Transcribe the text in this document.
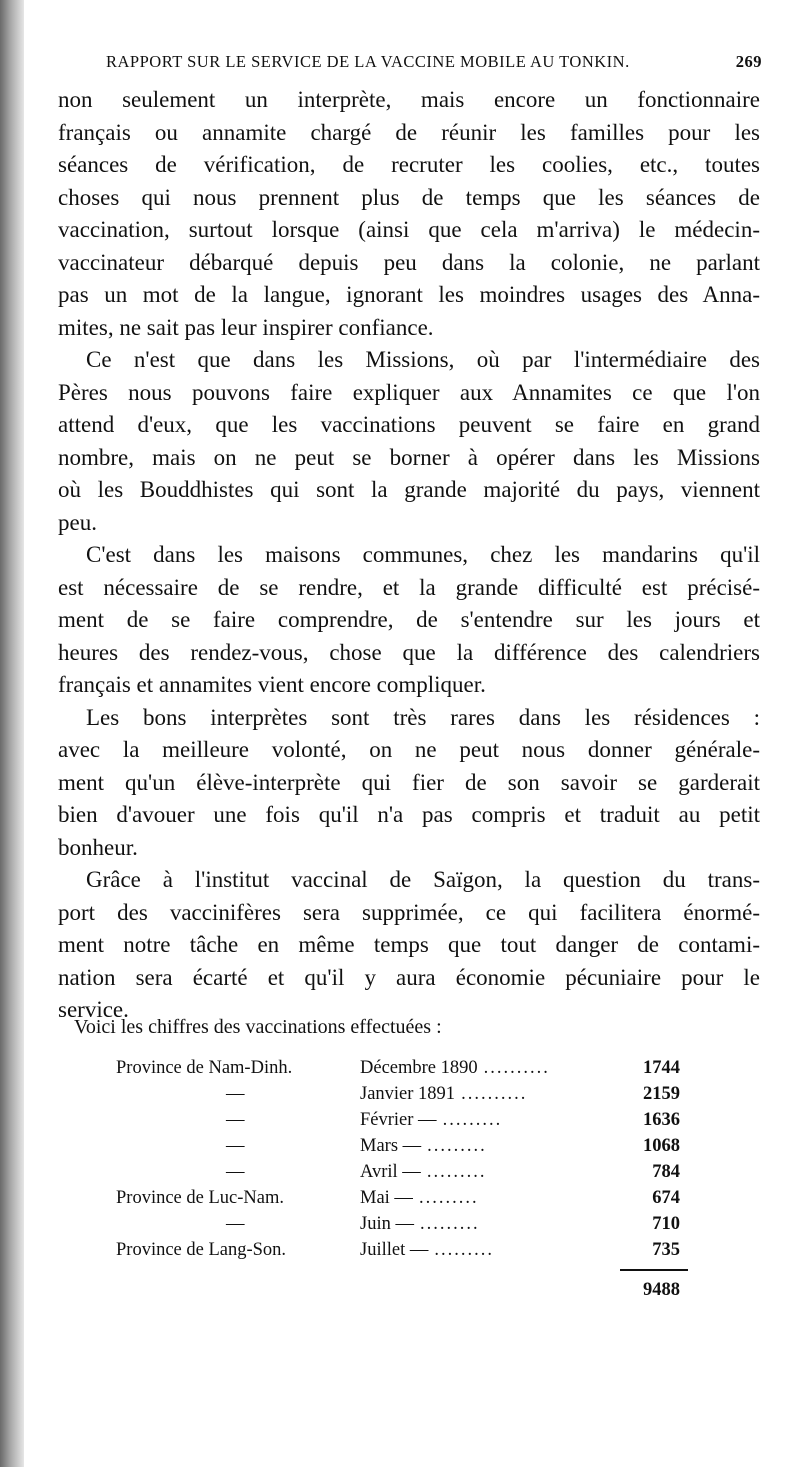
RAPPORT SUR LE SERVICE DE LA VACCINE MOBILE AU TONKIN.	269
non seulement un interprète, mais encore un fonctionnaire
français ou annamite chargé de réunir les familles pour les
séances de vérification, de recruter les coolies, etc., toutes
choses qui nous prennent plus de temps que les séances de
vaccination, surtout lorsque (ainsi que cela m'arriva) le médecin-
vaccinateur débarqué depuis peu dans la colonie, ne parlant
pas un mot de la langue, ignorant les moindres usages des Anna-
mites, ne sait pas leur inspirer confiance.
Ce n'est que dans les Missions, où par l'intermédiaire des
Pères nous pouvons faire expliquer aux Annamites ce que l'on
attend d'eux, que les vaccinations peuvent se faire en grand
nombre, mais on ne peut se borner à opérer dans les Missions
où les Bouddhistes qui sont la grande majorité du pays, viennent
peu.
C'est dans les maisons communes, chez les mandarins qu'il
est nécessaire de se rendre, et la grande difficulté est précisé-
ment de se faire comprendre, de s'entendre sur les jours et
heures des rendez-vous, chose que la différence des calendriers
français et annamites vient encore compliquer.
Les bons interprètes sont très rares dans les résidences :
avec la meilleure volonté, on ne peut nous donner générale-
ment qu'un élève-interprète qui fier de son savoir se garderait
bien d'avouer une fois qu'il n'a pas compris et traduit au petit
bonheur.
Grâce à l'institut vaccinal de Saïgon, la question du trans-
port des vaccinifères sera supprimée, ce qui facilitera énormé-
ment notre tâche en même temps que tout danger de contami-
nation sera écarté et qu'il y aura économie pécuniaire pour le
service.
Voici les chiffres des vaccinations effectuées :
Province de Nam-Dinh.	Décembre 1890 ..........	1744
—	Janvier 1891 ..........	2159
—	Février — .........	1636
—	Mars — .........	1068
—	Avril — .........	784
Province de Luc-Nam.	Mai — .........	674
—	Juin — .........	710
Province de Lang-Son.	Juillet — .........	735
9488
